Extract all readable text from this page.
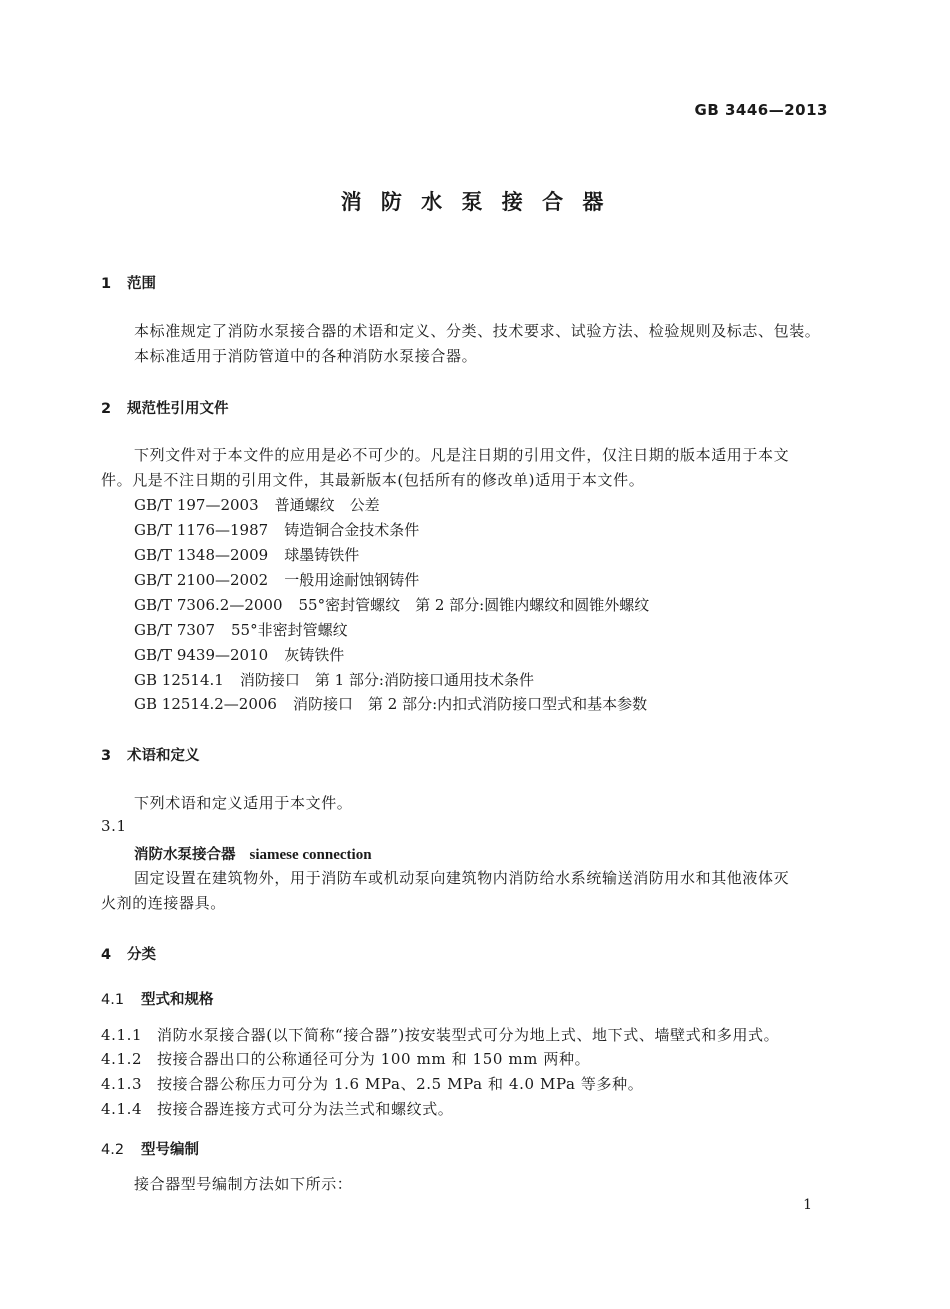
GB 3446—2013
消 防 水 泵 接 合 器
1 范围
本标准规定了消防水泵接合器的术语和定义、分类、技术要求、试验方法、检验规则及标志、包装。
本标准适用于消防管道中的各种消防水泵接合器。
2 规范性引用文件
下列文件对于本文件的应用是必不可少的。凡是注日期的引用文件，仅注日期的版本适用于本文
件。凡是不注日期的引用文件，其最新版本(包括所有的修改单)适用于本文件。
GB/T 197—2003 普通螺纹　公差
GB/T 1176—1987 铸造铜合金技术条件
GB/T 1348—2009 球墨铸铁件
GB/T 2100—2002 一般用途耐蚀钢铸件
GB/T 7306.2—2000 55°密封管螺纹　第 2 部分:圆锥内螺纹和圆锥外螺纹
GB/T 7307 55°非密封管螺纹
GB/T 9439—2010 灰铸铁件
GB 12514.1 消防接口　第 1 部分:消防接口通用技术条件
GB 12514.2—2006 消防接口　第 2 部分:内扣式消防接口型式和基本参数
3 术语和定义
下列术语和定义适用于本文件。
3.1
消防水泵接合器 siamese connection
固定设置在建筑物外，用于消防车或机动泵向建筑物内消防给水系统输送消防用水和其他液体灭
火剂的连接器具。
4 分类
4.1 型式和规格
4.1.1 消防水泵接合器(以下简称“接合器”)按安装型式可分为地上式、地下式、墙壁式和多用式。
4.1.2 按接合器出口的公称通径可分为 100 mm 和 150 mm 两种。
4.1.3 按接合器公称压力可分为 1.6 MPa、2.5 MPa 和 4.0 MPa 等多种。
4.1.4 按接合器连接方式可分为法兰式和螺纹式。
4.2 型号编制
接合器型号编制方法如下所示：
1
